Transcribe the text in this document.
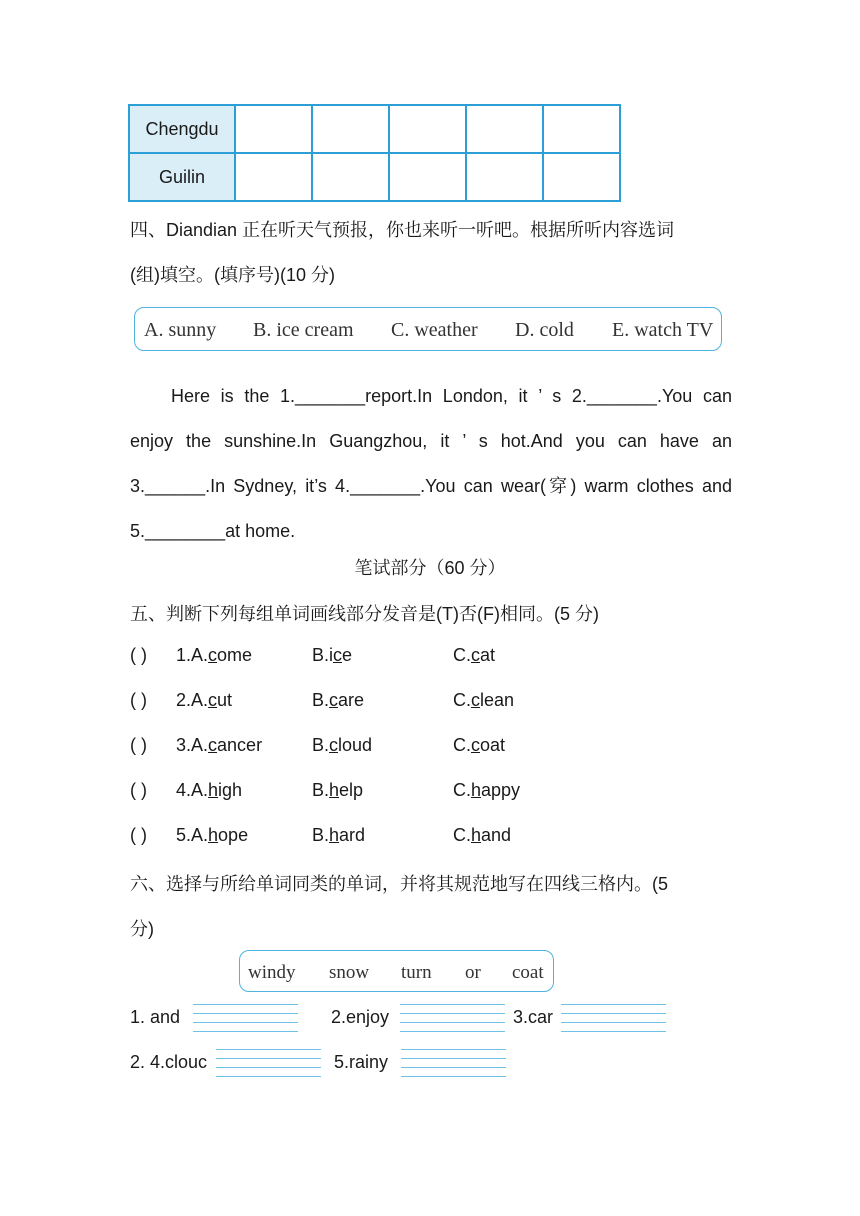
Chengdu					
Guilin					
四、Diandian 正在听天气预报，你也来听一听吧。根据所听内容选词
(组)填空。(填序号)(10 分)
A. sunny B. ice cream C. weather D. cold E. watch TV
Here is the 1._______report.In London, it ’ s 2._______.You can
enjoy the sunshine.In Guangzhou, it ’ s hot.And you can have an
3.______.In Sydney, it’s 4._______.You can wear(穿) warm clothes and
5.________at home.
笔试部分（60 分）
五、判断下列每组单词画线部分发音是(T)否(F)相同。(5 分)
( ) 1.A.come	B.ice	C.cat
( ) 2.A.cut	B.care	C.clean
( ) 3.A.cancer	B.cloud	C.coat
( ) 4.A.high	B.help	C.happy
( ) 5.A.hope	B.hard	C.hand
六、选择与所给单词同类的单词，并将其规范地写在四线三格内。(5
分)
windy snow turn or coat
1. and	2.enjoy	3.car
2. 4.clouc	5.rainy
